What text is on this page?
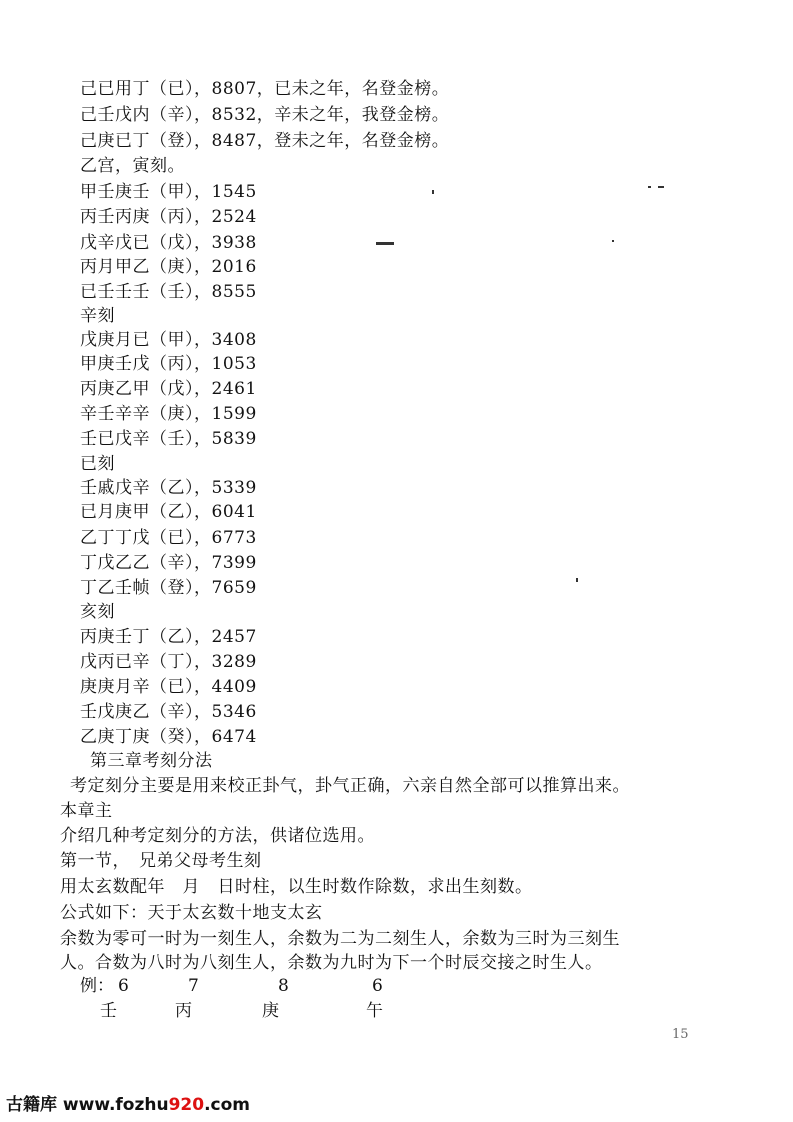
己已用丁（已），8807，已未之年，名登金榜。
己壬戊内（辛），8532，辛未之年，我登金榜。
己庚已丁（登），8487，登未之年，名登金榜。
乙宫，寅刻。
甲壬庚壬（甲），1545
丙壬丙庚（丙），2524
戊辛戊已（戊），3938
丙月甲乙（庚），2016
已壬壬壬（壬），8555
辛刻
戊庚月已（甲），3408
甲庚壬戊（丙），1053
丙庚乙甲（戊），2461
辛壬辛辛（庚），1599
壬已戊辛（壬），5839
已刻
壬戚戊辛（乙），5339
已月庚甲（乙），6041
乙丁丁戊（已），6773
丁戊乙乙（辛），7399
丁乙壬帧（登），7659
亥刻
丙庚壬丁（乙），2457
戊丙已辛（丁），3289
庚庚月辛（已），4409
壬戊庚乙（辛），5346
乙庚丁庚（癸），6474
第三章考刻分法
考定刻分主要是用来校正卦气，卦气正确，六亲自然全部可以推算出来。
本章主
介绍几种考定刻分的方法，供诸位选用。
第一节，　兄弟父母考生刻
用太玄数配年　月　日时柱，以生时数作除数，求出生刻数。
公式如下：天于太玄数十地支太玄
余数为零可一时为一刻生人，余数为二为二刻生人，余数为三时为三刻生
人。合数为八时为八刻生人，余数为九时为下一个时辰交接之时生人。
例： 6	7	8	6
壬	丙	庚	午
15
古籍库 www.fozhu920.com
